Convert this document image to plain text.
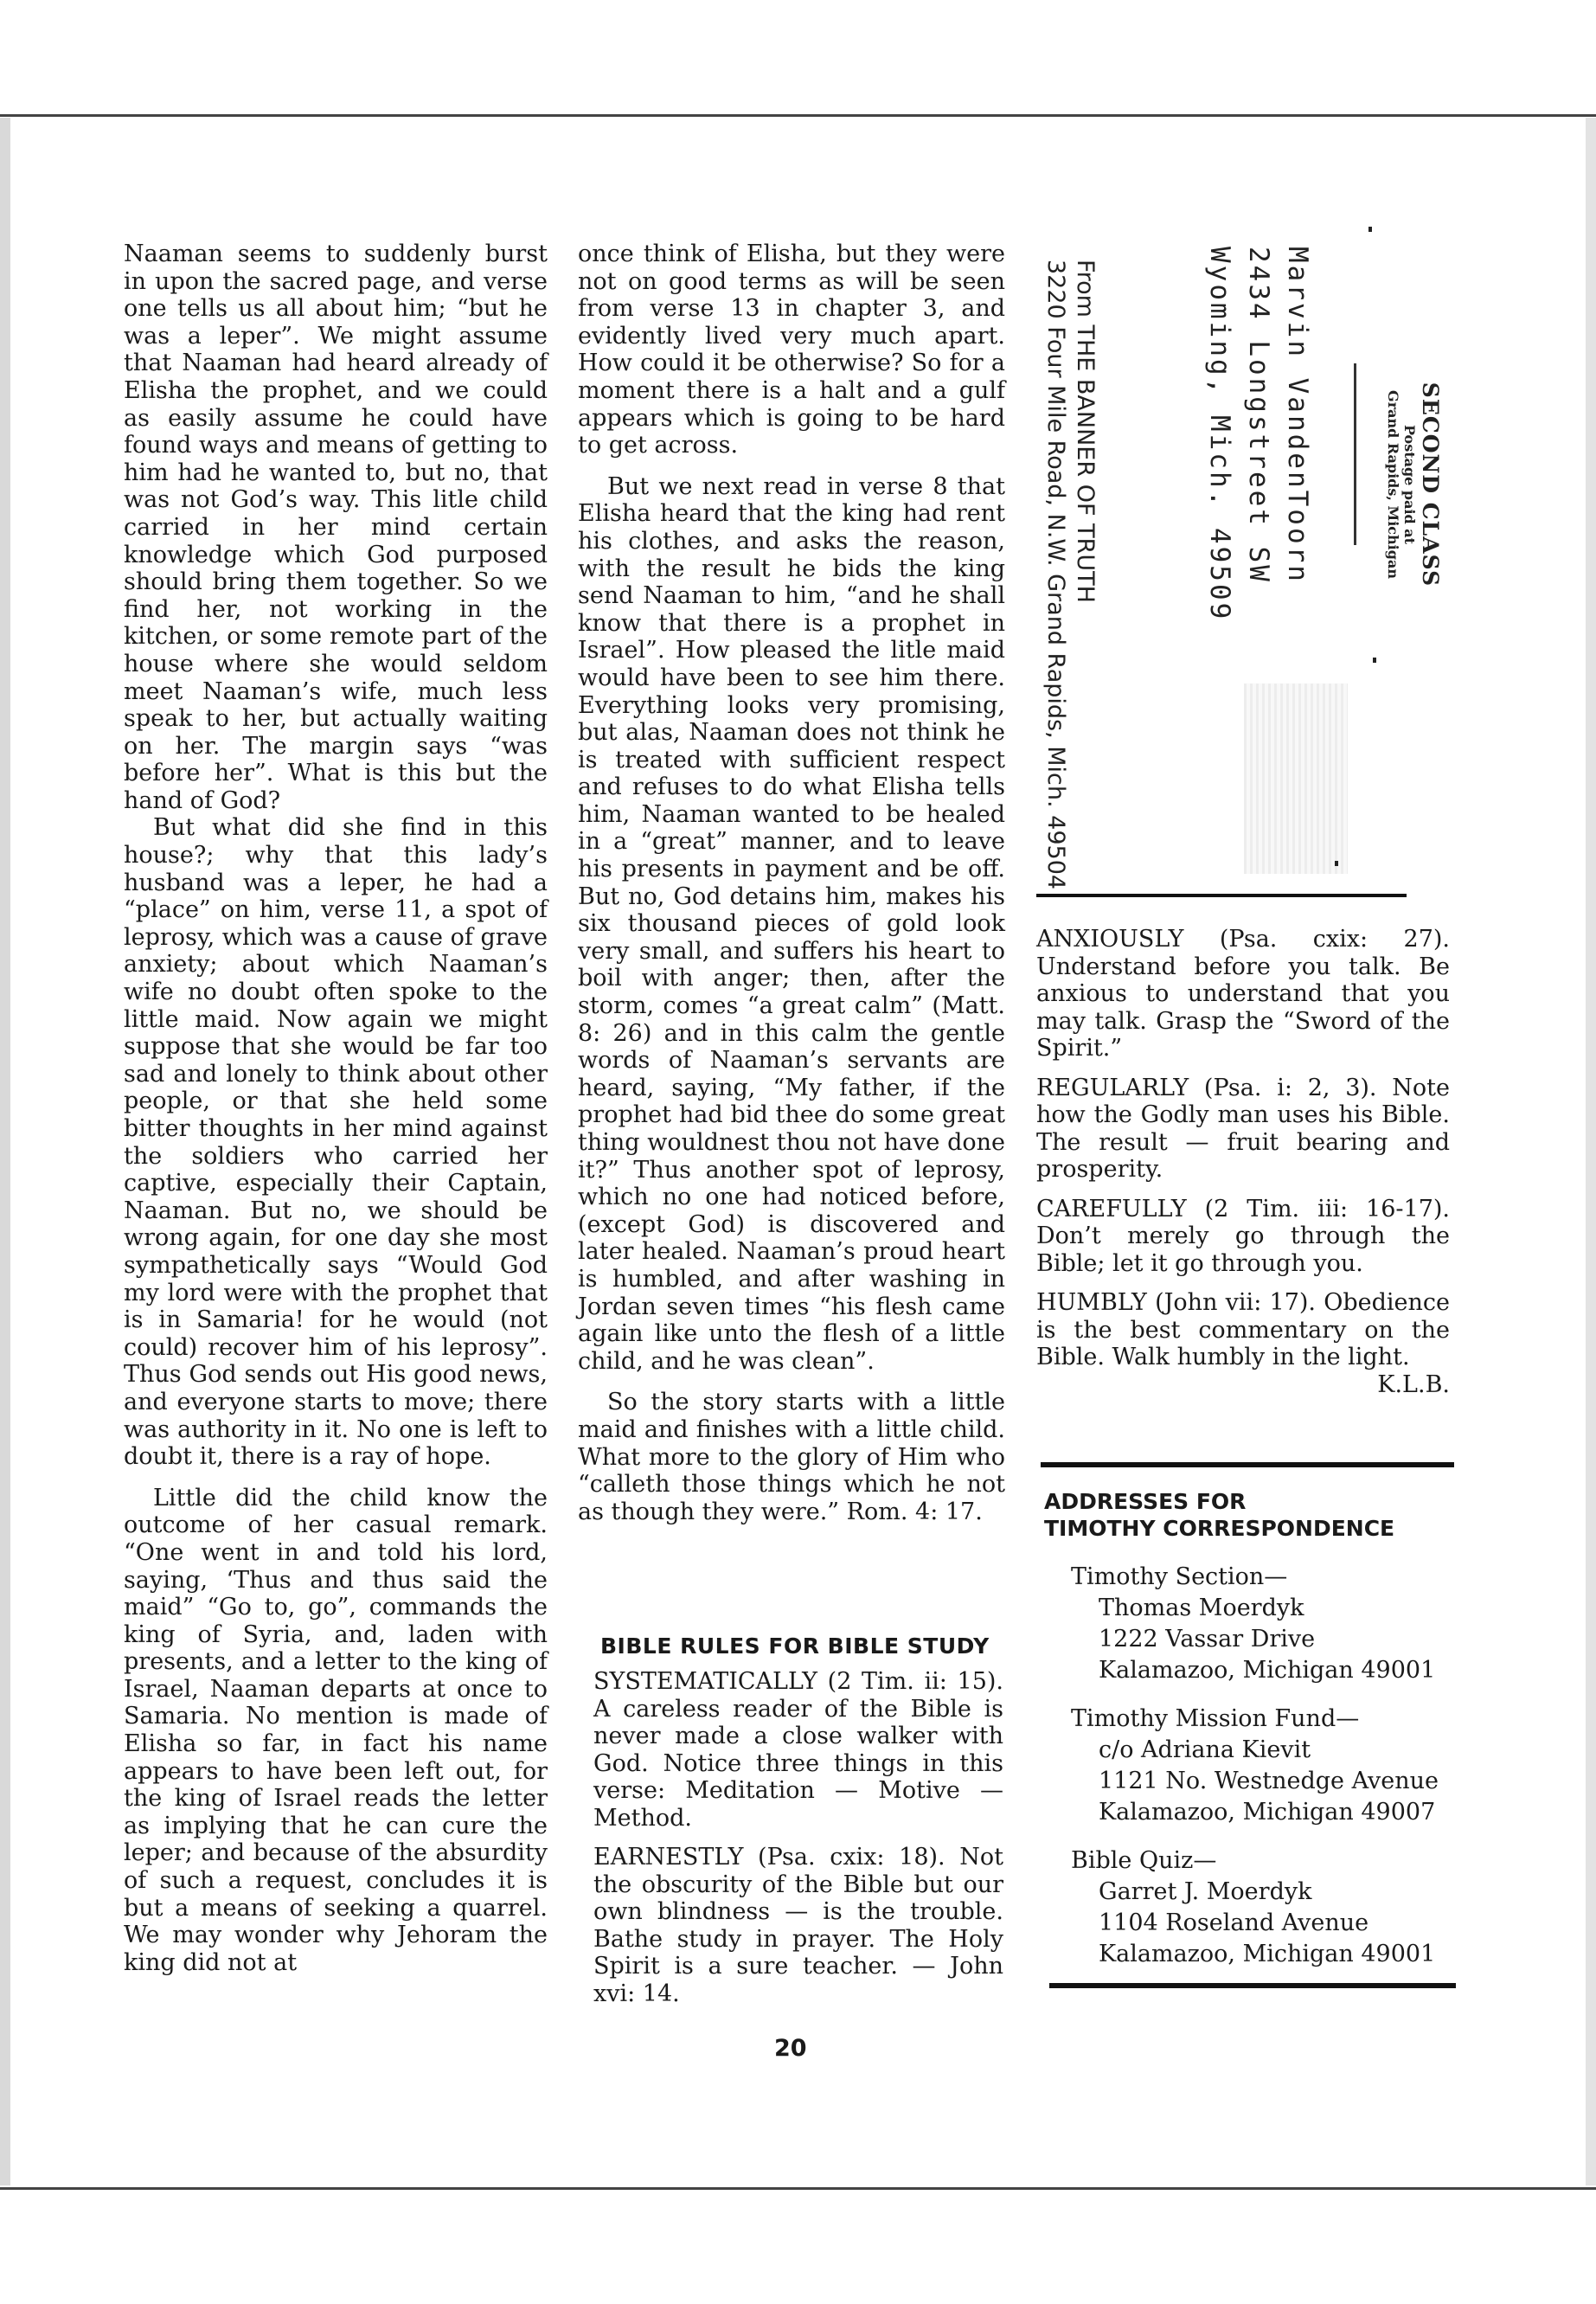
Naaman seems to suddenly burst in upon the sacred page, and verse one tells us all about him; “but he was a leper”. We might assume that Naaman had heard already of Elisha the prophet, and we could as easily assume he could have found ways and means of getting to him had he wanted to, but no, that was not God’s way. This litle child carried in her mind certain knowledge which God purposed should bring them together. So we find her, not working in the kitchen, or some remote part of the house where she would seldom meet Naaman’s wife, much less speak to her, but actually waiting on her. The margin says “was before her”. What is this but the hand of God?

But what did she find in this house?; why that this lady’s husband was a leper, he had a “place” on him, verse 11, a spot of leprosy, which was a cause of grave anxiety; about which Naaman’s wife no doubt often spoke to the little maid. Now again we might suppose that she would be far too sad and lonely to think about other people, or that she held some bitter thoughts in her mind against the soldiers who carried her captive, especially their Captain, Naaman. But no, we should be wrong again, for one day she most sympathetically says “Would God my lord were with the prophet that is in Samaria! for he would (not could) recover him of his leprosy”. Thus God sends out His good news, and everyone starts to move; there was authority in it. No one is left to doubt it, there is a ray of hope.

Little did the child know the outcome of her casual remark. “One went in and told his lord, saying, ‘Thus and thus said the maid” “Go to, go”, commands the king of Syria, and, laden with presents, and a letter to the king of Israel, Naaman departs at once to Samaria. No mention is made of Elisha so far, in fact his name appears to have been left out, for the king of Israel reads the letter as implying that he can cure the leper; and because of the absurdity of such a request, concludes it is but a means of seeking a quarrel. We may wonder why Jehoram the king did not at

once think of Elisha, but they were not on good terms as will be seen from verse 13 in chapter 3, and evidently lived very much apart. How could it be otherwise? So for a moment there is a halt and a gulf appears which is going to be hard to get across.

But we next read in verse 8 that Elisha heard that the king had rent his clothes, and asks the reason, with the result he bids the king send Naaman to him, “and he shall know that there is a prophet in Israel”. How pleased the litle maid would have been to see him there. Everything looks very promising, but alas, Naaman does not think he is treated with sufficient respect and refuses to do what Elisha tells him, Naaman wanted to be healed in a “great” manner, and to leave his presents in payment and be off. But no, God detains him, makes his six thousand pieces of gold look very small, and suffers his heart to boil with anger; then, after the storm, comes “a great calm” (Matt. 8: 26) and in this calm the gentle words of Naaman’s servants are heard, saying, “My father, if the prophet had bid thee do some great thing wouldnest thou not have done it?” Thus another spot of leprosy, which no one had noticed before, (except God) is discovered and later healed. Naaman’s proud heart is humbled, and after washing in Jordan seven times “his flesh came again like unto the flesh of a little child, and he was clean”.

So the story starts with a little maid and finishes with a little child. What more to the glory of Him who “calleth those things which he not as though they were.” Rom. 4: 17.

BIBLE RULES FOR BIBLE STUDY

SYSTEMATICALLY (2 Tim. ii: 15). A careless reader of the Bible is never made a close walker with God. Notice three things in this verse: Meditation — Motive — Method.

EARNESTLY (Psa. cxix: 18). Not the obscurity of the Bible but our own blindness — is the trouble. Bathe study in prayer. The Holy Spirit is a sure teacher. — John xvi: 14.

20
SECOND CLASS
Postage paid at
Grand Rapids, Michigan
Marvin VandenToorn
2434 Longstreet SW
Wyoming, Mich. 49509
From THE BANNER OF TRUTH
3220 Four Mile Road, N.W. Grand Rapids, Mich. 49504

ANXIOUSLY (Psa. cxix: 27). Understand before you talk. Be anxious to understand that you may talk. Grasp the “Sword of the Spirit.”

REGULARLY (Psa. i: 2, 3). Note how the Godly man uses his Bible. The result — fruit bearing and prosperity.

CAREFULLY (2 Tim. iii: 16-17). Don’t merely go through the Bible; let it go through you.

HUMBLY (John vii: 17). Obedience is the best commentary on the Bible. Walk humbly in the light.

K.L.B.

ADDRESSES FOR
TIMOTHY CORRESPONDENCE
Timothy Section—
Thomas Moerdyk
1222 Vassar Drive
Kalamazoo, Michigan 49001
Timothy Mission Fund—
c/o Adriana Kievit
1121 No. Westnedge Avenue
Kalamazoo, Michigan 49007
Bible Quiz—
Garret J. Moerdyk
1104 Roseland Avenue
Kalamazoo, Michigan 49001
